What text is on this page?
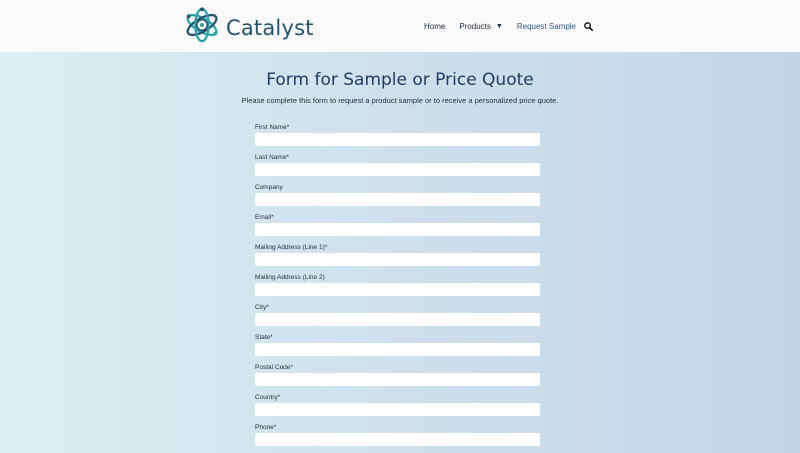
Catalyst	Home Products ▼ Request Sample
Form for Sample or Price Quote
Please complete this form to request a product sample or to receive a personalized price quote.
First Name*
Last Name*
Company
Email*
Mailing Address (Line 1)*
Mailing Address (Line 2)
City*
State*
Postal Code*
Country*
Phone*
